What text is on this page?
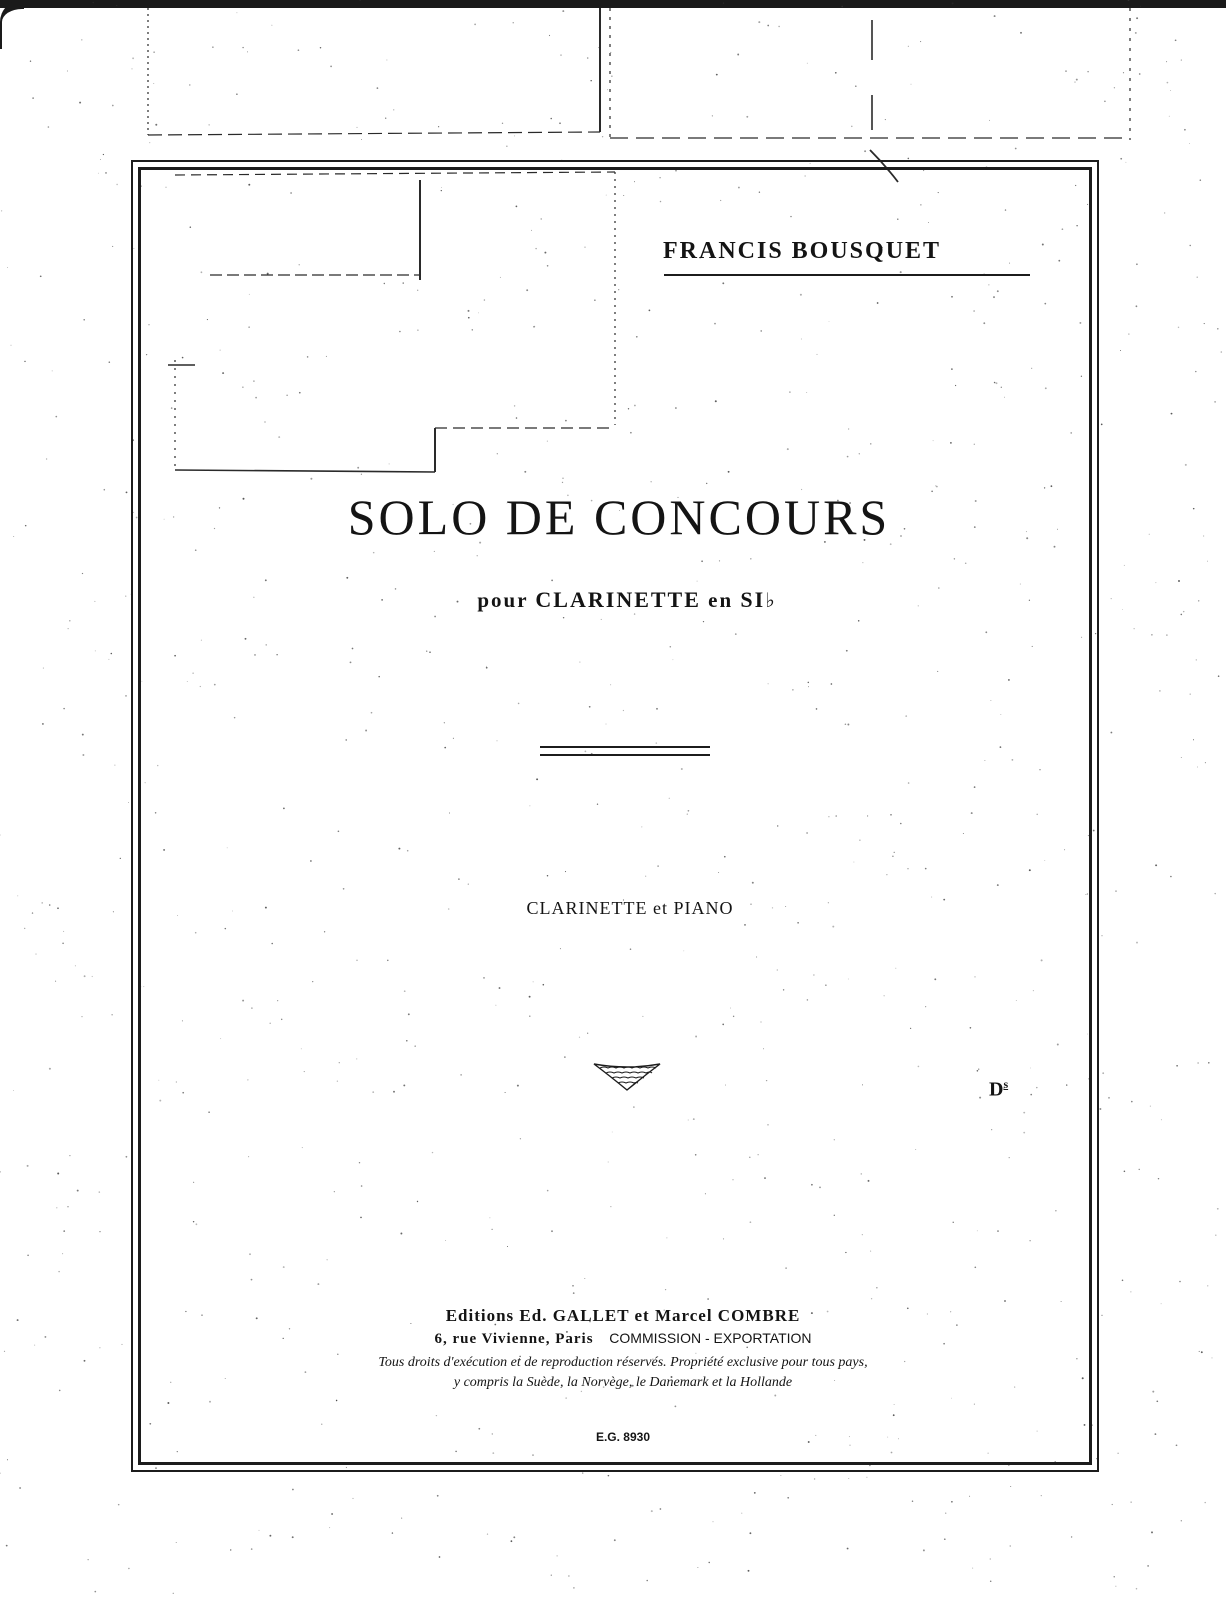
FRANCIS BOUSQUET
SOLO DE CONCOURS
pour CLARINETTE en SI♭
CLARINETTE et PIANO
$D^s$
Editions Ed. GALLET et Marcel COMBRE
6, rue Vivienne, Paris COMMISSION - EXPORTATION
Tous droits d'exécution et de reproduction réservés. Propriété exclusive pour tous pays,
y compris la Suède, la Norvège, le Danemark et la Hollande
E.G. 8930
